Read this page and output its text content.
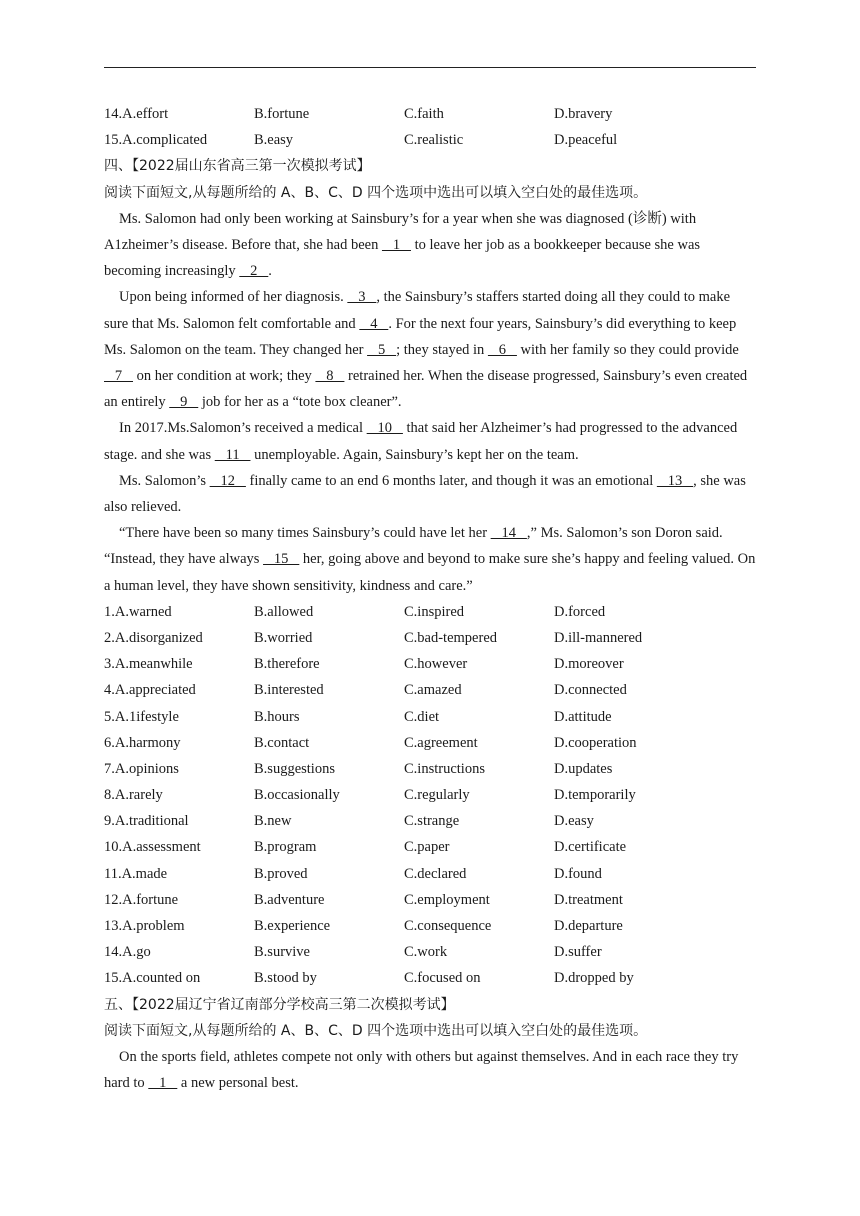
14.A.effort	B.fortune	C.faith	D.bravery
15.A.complicated	B.easy	C.realistic	D.peaceful
四、【2022届山东省高三第一次模拟考试】
阅读下面短文,从每题所给的 A、B、C、D 四个选项中选出可以填入空白处的最佳选项。

Ms. Salomon had only been working at Sainsbury’s for a year when she was diagnosed (诊断) with A1zheimer’s disease. Before that, she had been    1    to leave her job as a bookkeeper because she was becoming increasingly    2   .

Upon being informed of her diagnosis.    3   , the Sainsbury’s staffers started doing all they could to make sure that Ms. Salomon felt comfortable and    4   . For the next four years, Sainsbury’s did everything to keep Ms. Salomon on the team. They changed her    5   ; they stayed in    6    with her family so they could provide    7    on her condition at work; they    8    retrained her. When the disease progressed, Sainsbury’s even created an entirely    9    job for her as a “tote box cleaner”.

In 2017.Ms.Salomon’s received a medical    10    that said her Alzheimer’s had progressed to the advanced stage. and she was    11    unemployable. Again, Sainsbury’s kept her on the team.

Ms. Salomon’s    12    finally came to an end 6 months later, and though it was an emotional    13   , she was also relieved.

“There have been so many times Sainsbury’s could have let her    14   ,” Ms. Salomon’s son Doron said. “Instead, they have always    15    her, going above and beyond to make sure she’s happy and feeling valued. On a human level, they have shown sensitivity, kindness and care.”

1.A.warned	B.allowed	C.inspired	D.forced
2.A.disorganized	B.worried	C.bad-tempered	D.ill-mannered
3.A.meanwhile	B.therefore	C.however	D.moreover
4.A.appreciated	B.interested	C.amazed	D.connected
5.A.1ifestyle	B.hours	C.diet	D.attitude
6.A.harmony	B.contact	C.agreement	D.cooperation
7.A.opinions	B.suggestions	C.instructions	D.updates
8.A.rarely	B.occasionally	C.regularly	D.temporarily
9.A.traditional	B.new	C.strange	D.easy
10.A.assessment	B.program	C.paper	D.certificate
11.A.made	B.proved	C.declared	D.found
12.A.fortune	B.adventure	C.employment	D.treatment
13.A.problem	B.experience	C.consequence	D.departure
14.A.go	B.survive	C.work	D.suffer
15.A.counted on	B.stood by	C.focused on	D.dropped by
五、【2022届辽宁省辽南部分学校高三第二次模拟考试】
阅读下面短文,从每题所给的 A、B、C、D 四个选项中选出可以填入空白处的最佳选项。

On the sports field, athletes compete not only with others but against themselves. And in each race they try hard to    1    a new personal best.
